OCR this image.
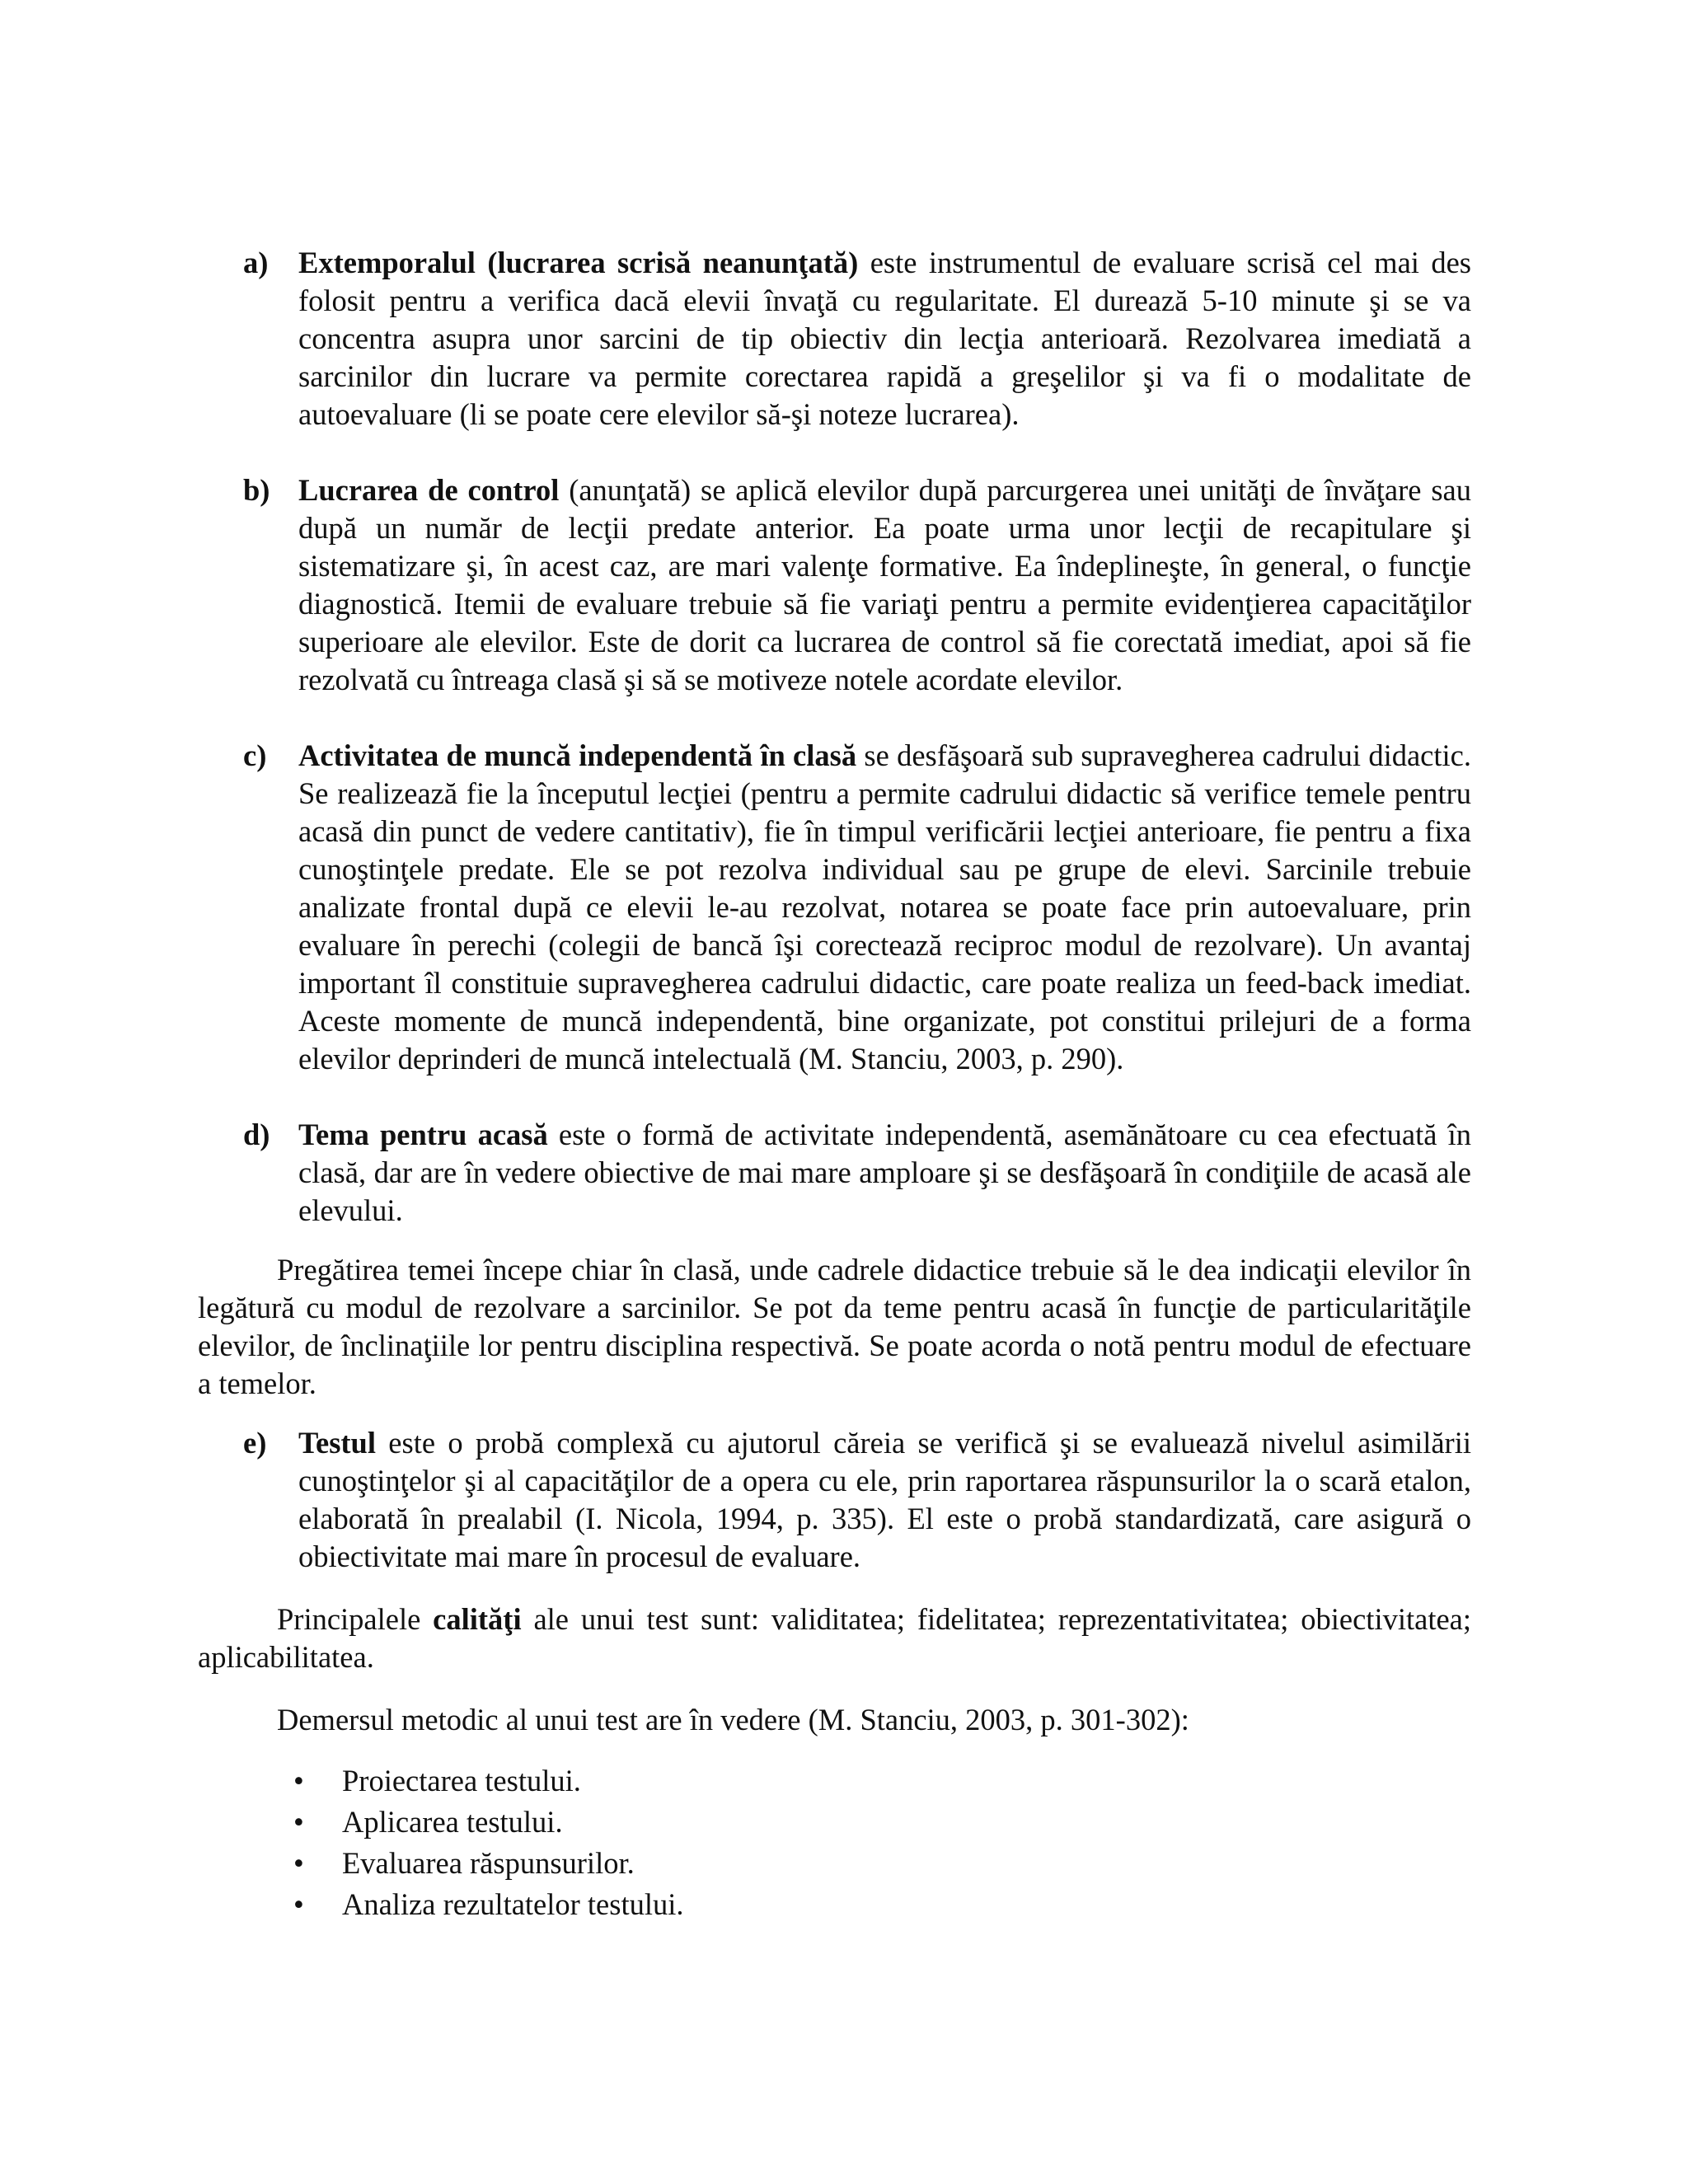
a) Extemporalul (lucrarea scrisă neanunţată) este instrumentul de evaluare scrisă cel mai des folosit pentru a verifica dacă elevii învaţă cu regularitate. El durează 5-10 minute şi se va concentra asupra unor sarcini de tip obiectiv din lecţia anterioară. Rezolvarea imediată a sarcinilor din lucrare va permite corectarea rapidă a greşelilor şi va fi o modalitate de autoevaluare (li se poate cere elevilor să-şi noteze lucrarea).
b) Lucrarea de control (anunţată) se aplică elevilor după parcurgerea unei unităţi de învăţare sau după un număr de lecţii predate anterior. Ea poate urma unor lecţii de recapitulare şi sistematizare şi, în acest caz, are mari valenţe formative. Ea îndeplineşte, în general, o funcţie diagnostică. Itemii de evaluare trebuie să fie variaţi pentru a permite evidenţierea capacităţilor superioare ale elevilor. Este de dorit ca lucrarea de control să fie corectată imediat, apoi să fie rezolvată cu întreaga clasă şi să se motiveze notele acordate elevilor.
c) Activitatea de muncă independentă în clasă se desfăşoară sub supravegherea cadrului didactic. Se realizează fie la începutul lecţiei (pentru a permite cadrului didactic să verifice temele pentru acasă din punct de vedere cantitativ), fie în timpul verificării lecţiei anterioare, fie pentru a fixa cunoştinţele predate. Ele se pot rezolva individual sau pe grupe de elevi. Sarcinile trebuie analizate frontal după ce elevii le-au rezolvat, notarea se poate face prin autoevaluare, prin evaluare în perechi (colegii de bancă îşi corectează reciproc modul de rezolvare). Un avantaj important îl constituie supravegherea cadrului didactic, care poate realiza un feed-back imediat. Aceste momente de muncă independentă, bine organizate, pot constitui prilejuri de a forma elevilor deprinderi de muncă intelectuală (M. Stanciu, 2003, p. 290).
d) Tema pentru acasă este o formă de activitate independentă, asemănătoare cu cea efectuată în clasă, dar are în vedere obiective de mai mare amploare şi se desfăşoară în condiţiile de acasă ale elevului.

Pregătirea temei începe chiar în clasă, unde cadrele didactice trebuie să le dea indicaţii elevilor în legătură cu modul de rezolvare a sarcinilor. Se pot da teme pentru acasă în funcţie de particularităţile elevilor, de înclinaţiile lor pentru disciplina respectivă. Se poate acorda o notă pentru modul de efectuare a temelor.

e) Testul este o probă complexă cu ajutorul căreia se verifică şi se evaluează nivelul asimilării cunoştinţelor şi al capacităţilor de a opera cu ele, prin raportarea răspunsurilor la o scară etalon, elaborată în prealabil (I. Nicola, 1994, p. 335). El este o probă standardizată, care asigură o obiectivitate mai mare în procesul de evaluare.

Principalele calităţi ale unui test sunt: validitatea; fidelitatea; reprezentativitatea; obiectivitatea; aplicabilitatea.

Demersul metodic al unui test are în vedere (M. Stanciu, 2003, p. 301-302):

• Proiectarea testului.
• Aplicarea testului.
• Evaluarea răspunsurilor.
• Analiza rezultatelor testului.
